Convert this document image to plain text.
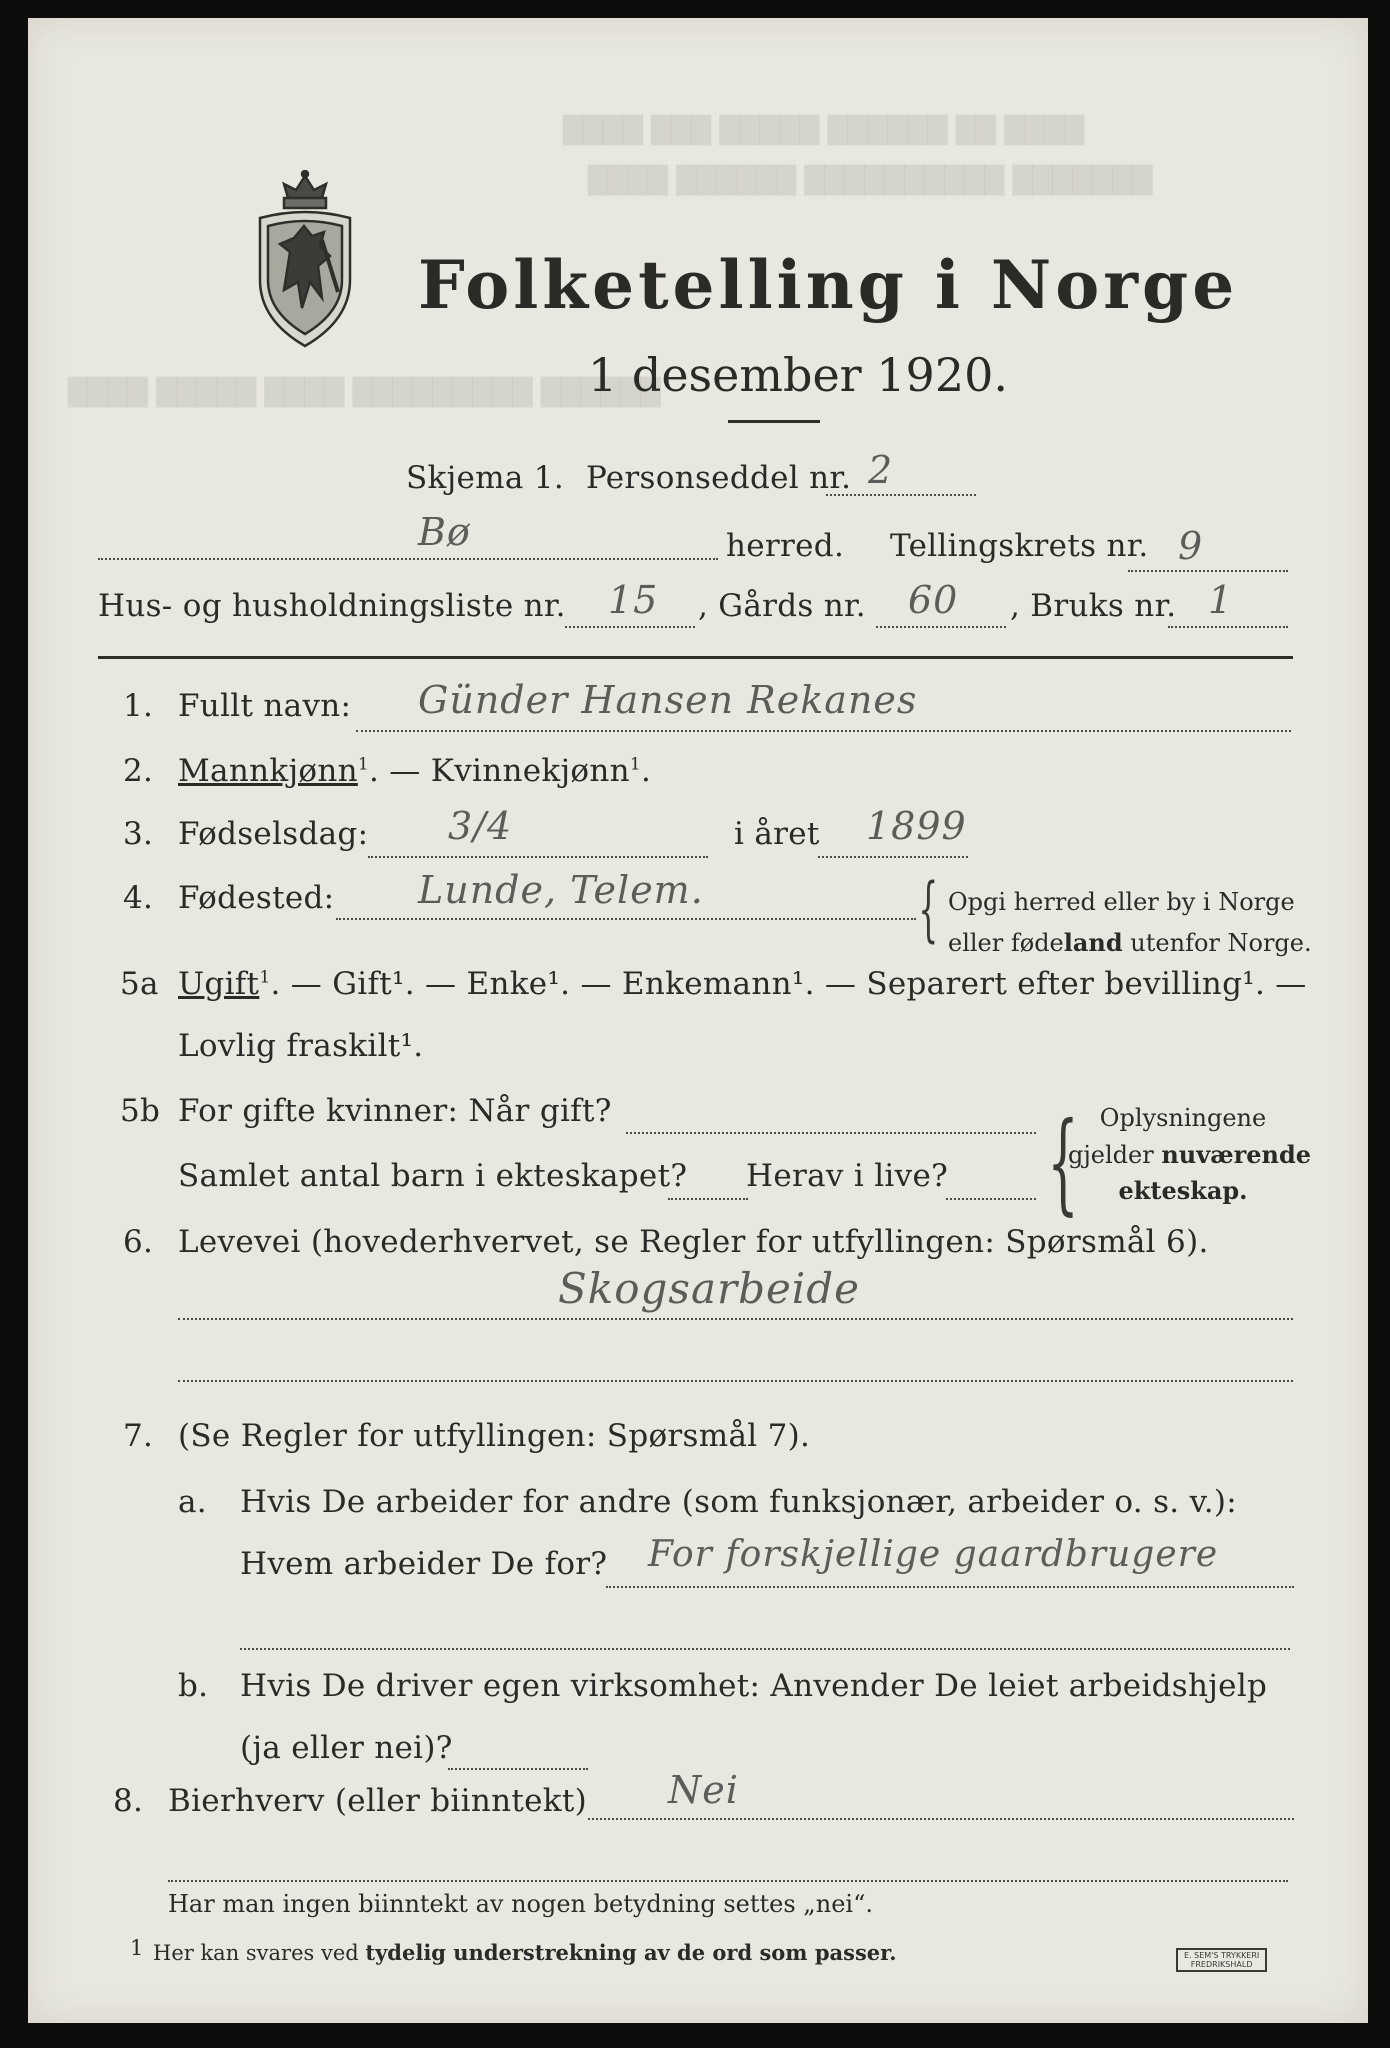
████ ███ █████ ██████ ██ ████
████ ██████ ██████████ ███████
████ █████ ████ █████████ ██████
Folketelling i Norge
1 desember 1920.
Skjema 1. Personseddel nr. 2
Bø	herred. Tellingskrets nr. 9
Hus- og husholdningsliste nr. 15 , Gårds nr. 60 , Bruks nr. 1
1. Fullt navn: Günder Hansen Rekanes
2. Mannkjønn$^1$. — Kvinnekjønn$^1$.
3. Fødselsdag: 3/4	i året 1899
4. Fødested: Lunde, Telem.	{ Opgi herred eller by i Norge
eller fødeland utenfor Norge.
5a Ugift$^1$. — Gift¹. — Enke¹. — Enkemann¹. — Separert efter bevilling¹. —
Lovlig fraskilt¹.
5b For gifte kvinner: Når gift?
Samlet antal barn i ekteskapet? Herav i live? { Oplysningene
gjelder nuværende
ekteskap.
6. Levevei (hovederhvervet, se Regler for utfyllingen: Spørsmål 6).
Skogsarbeide
7. (Se Regler for utfyllingen: Spørsmål 7).
a. Hvis De arbeider for andre (som funksjonær, arbeider o. s. v.):
Hvem arbeider De for? For forskjellige gaardbrugere
b. Hvis De driver egen virksomhet: Anvender De leiet arbeidshjelp
(ja eller nei)?
8. Bierhverv (eller biinntekt) Nei
Har man ingen biinntekt av nogen betydning settes „nei“.
1 Her kan svares ved tydelig understrekning av de ord som passer.	E. SEM'S TRYKKERI
FREDRIKSHALD
